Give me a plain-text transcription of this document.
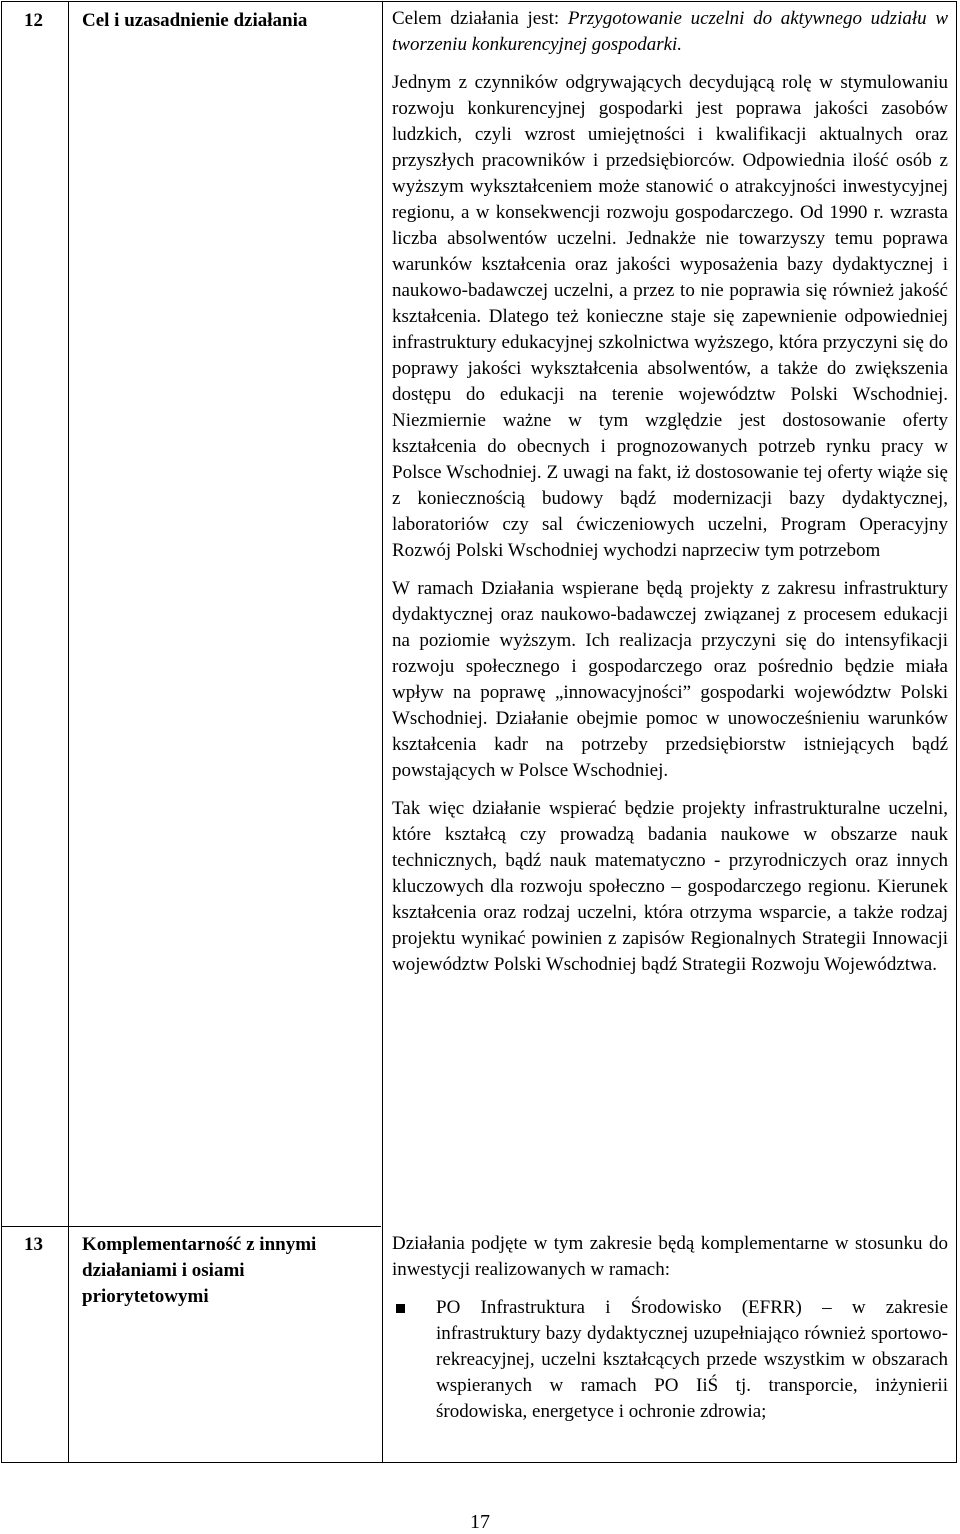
12 Cel i uzasadnienie działania
13 Komplementarność z innymi działaniami i osiami priorytetowymi

Celem działania jest: Przygotowanie uczelni do aktywnego udziału w tworzeniu konkurencyjnej gospodarki.

Jednym z czynników odgrywających decydującą rolę w stymulowaniu rozwoju konkurencyjnej gospodarki jest poprawa jakości zasobów ludzkich, czyli wzrost umiejętności i kwalifikacji aktualnych oraz przyszłych pracowników i przedsiębiorców. Odpowiednia ilość osób z wyższym wykształceniem może stanowić o atrakcyjności inwestycyjnej regionu, a w konsekwencji rozwoju gospodarczego. Od 1990 r. wzrasta liczba absolwentów uczelni. Jednakże nie towarzyszy temu poprawa warunków kształcenia oraz jakości wyposażenia bazy dydaktycznej i naukowo-badawczej uczelni, a przez to nie poprawia się również jakość kształcenia. Dlatego też konieczne staje się zapewnienie odpowiedniej infrastruktury edukacyjnej szkolnictwa wyższego, która przyczyni się do poprawy jakości wykształcenia absolwentów, a także do zwiększenia dostępu do edukacji na terenie województw Polski Wschodniej. Niezmiernie ważne w tym względzie jest dostosowanie oferty kształcenia do obecnych i prognozowanych potrzeb rynku pracy w Polsce Wschodniej. Z uwagi na fakt, iż dostosowanie tej oferty wiąże się z koniecznością budowy bądź modernizacji bazy dydaktycznej, laboratoriów czy sal ćwiczeniowych uczelni, Program Operacyjny Rozwój Polski Wschodniej wychodzi naprzeciw tym potrzebom

W ramach Działania wspierane będą projekty z zakresu infrastruktury dydaktycznej oraz naukowo-badawczej związanej z procesem edukacji na poziomie wyższym. Ich realizacja przyczyni się do intensyfikacji rozwoju społecznego i gospodarczego oraz pośrednio będzie miała wpływ na poprawę „innowacyjności” gospodarki województw Polski Wschodniej. Działanie obejmie pomoc w unowocześnieniu warunków kształcenia kadr na potrzeby przedsiębiorstw istniejących bądź powstających w Polsce Wschodniej.

Tak więc działanie wspierać będzie projekty infrastrukturalne uczelni, które kształcą czy prowadzą badania naukowe w obszarze nauk technicznych, bądź nauk matematyczno - przyrodniczych oraz innych kluczowych dla rozwoju społeczno – gospodarczego regionu. Kierunek kształcenia oraz rodzaj uczelni, która otrzyma wsparcie, a także rodzaj projektu wynikać powinien z zapisów Regionalnych Strategii Innowacji województw Polski Wschodniej bądź Strategii Rozwoju Województwa.

Działania podjęte w tym zakresie będą komplementarne w stosunku do inwestycji realizowanych w ramach:

PO Infrastruktura i Środowisko (EFRR) – w zakresie infrastruktury bazy dydaktycznej uzupełniająco również sportowo-rekreacyjnej, uczelni kształcących przede wszystkim w obszarach wspieranych w ramach PO IiŚ tj. transporcie, inżynierii środowiska, energetyce i ochronie zdrowia;
17
